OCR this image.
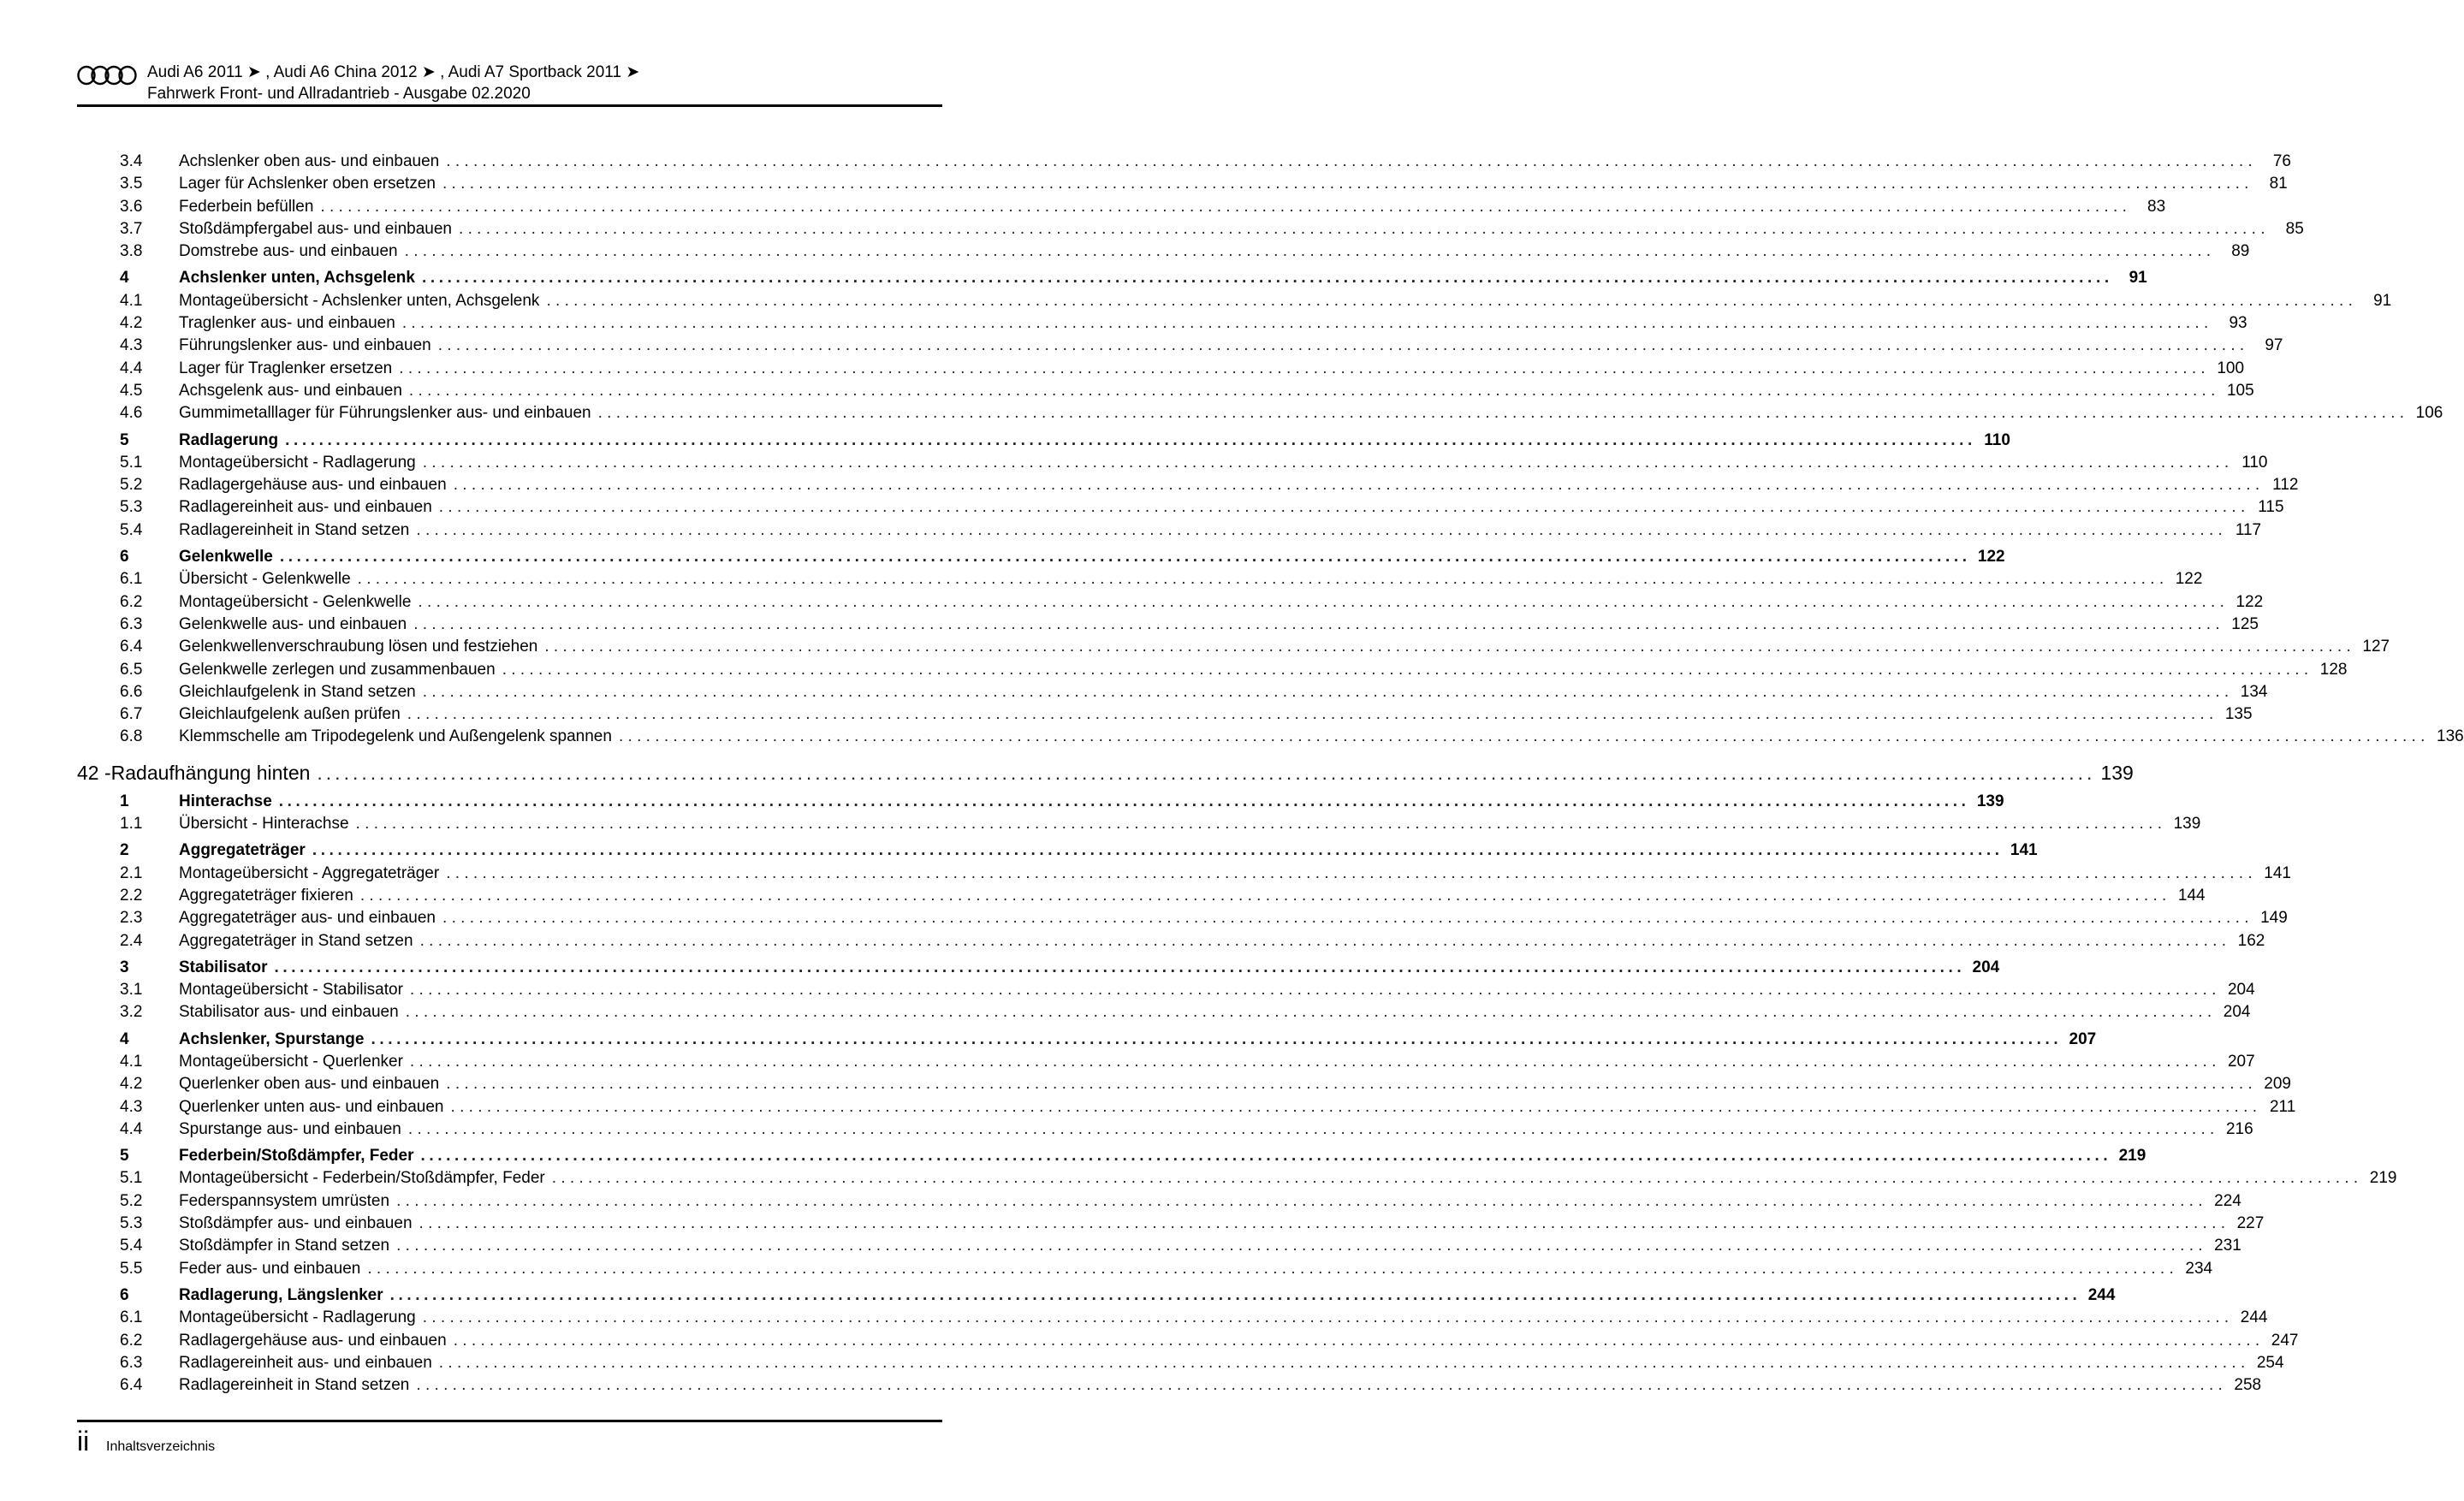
Audi A6 2011 ➤ , Audi A6 China 2012 ➤ , Audi A7 Sportback 2011 ➤
Fahrwerk Front- und Allradantrieb - Ausgabe 02.2020
3.4	Achslenker oben aus- und einbauen ........................................................................................................................................................................................................ 76
3.5	Lager für Achslenker oben ersetzen ........................................................................................................................................................................................................ 81
3.6	Federbein befüllen ........................................................................................................................................................................................................ 83
3.7	Stoßdämpfergabel aus- und einbauen ........................................................................................................................................................................................................ 85
3.8	Domstrebe aus- und einbauen ........................................................................................................................................................................................................ 89
4	Achslenker unten, Achsgelenk ........................................................................................................................................................................................................ 91
4.1	Montageübersicht - Achslenker unten, Achsgelenk ........................................................................................................................................................................................................ 91
4.2	Traglenker aus- und einbauen ........................................................................................................................................................................................................ 93
4.3	Führungslenker aus- und einbauen ........................................................................................................................................................................................................ 97
4.4	Lager für Traglenker ersetzen ........................................................................................................................................................................................................ 100
4.5	Achsgelenk aus- und einbauen ........................................................................................................................................................................................................ 105
4.6	Gummimetalllager für Führungslenker aus- und einbauen ........................................................................................................................................................................................................ 106
5	Radlagerung ........................................................................................................................................................................................................ 110
5.1	Montageübersicht - Radlagerung ........................................................................................................................................................................................................ 110
5.2	Radlagergehäuse aus- und einbauen ........................................................................................................................................................................................................ 112
5.3	Radlagereinheit aus- und einbauen ........................................................................................................................................................................................................ 115
5.4	Radlagereinheit in Stand setzen ........................................................................................................................................................................................................ 117
6	Gelenkwelle ........................................................................................................................................................................................................ 122
6.1	Übersicht - Gelenkwelle ........................................................................................................................................................................................................ 122
6.2	Montageübersicht - Gelenkwelle ........................................................................................................................................................................................................ 122
6.3	Gelenkwelle aus- und einbauen ........................................................................................................................................................................................................ 125
6.4	Gelenkwellenverschraubung lösen und festziehen ........................................................................................................................................................................................................ 127
6.5	Gelenkwelle zerlegen und zusammenbauen ........................................................................................................................................................................................................ 128
6.6	Gleichlaufgelenk in Stand setzen ........................................................................................................................................................................................................ 134
6.7	Gleichlaufgelenk außen prüfen ........................................................................................................................................................................................................ 135
6.8	Klemmschelle am Tripodegelenk und Außengelenk spannen ........................................................................................................................................................................................................ 136
42 - Radaufhängung hinten ........................................................................................................................................................................................................ 139
1	Hinterachse ........................................................................................................................................................................................................ 139
1.1	Übersicht - Hinterachse ........................................................................................................................................................................................................ 139
2	Aggregateträger ........................................................................................................................................................................................................ 141
2.1	Montageübersicht - Aggregateträger ........................................................................................................................................................................................................ 141
2.2	Aggregateträger fixieren ........................................................................................................................................................................................................ 144
2.3	Aggregateträger aus- und einbauen ........................................................................................................................................................................................................ 149
2.4	Aggregateträger in Stand setzen ........................................................................................................................................................................................................ 162
3	Stabilisator ........................................................................................................................................................................................................ 204
3.1	Montageübersicht - Stabilisator ........................................................................................................................................................................................................ 204
3.2	Stabilisator aus- und einbauen ........................................................................................................................................................................................................ 204
4	Achslenker, Spurstange ........................................................................................................................................................................................................ 207
4.1	Montageübersicht - Querlenker ........................................................................................................................................................................................................ 207
4.2	Querlenker oben aus- und einbauen ........................................................................................................................................................................................................ 209
4.3	Querlenker unten aus- und einbauen ........................................................................................................................................................................................................ 211
4.4	Spurstange aus- und einbauen ........................................................................................................................................................................................................ 216
5	Federbein/Stoßdämpfer, Feder ........................................................................................................................................................................................................ 219
5.1	Montageübersicht - Federbein/Stoßdämpfer, Feder ........................................................................................................................................................................................................ 219
5.2	Federspannsystem umrüsten ........................................................................................................................................................................................................ 224
5.3	Stoßdämpfer aus- und einbauen ........................................................................................................................................................................................................ 227
5.4	Stoßdämpfer in Stand setzen ........................................................................................................................................................................................................ 231
5.5	Feder aus- und einbauen ........................................................................................................................................................................................................ 234
6	Radlagerung, Längslenker ........................................................................................................................................................................................................ 244
6.1	Montageübersicht - Radlagerung ........................................................................................................................................................................................................ 244
6.2	Radlagergehäuse aus- und einbauen ........................................................................................................................................................................................................ 247
6.3	Radlagereinheit aus- und einbauen ........................................................................................................................................................................................................ 254
6.4	Radlagereinheit in Stand setzen ........................................................................................................................................................................................................ 258
ii Inhaltsverzeichnis
